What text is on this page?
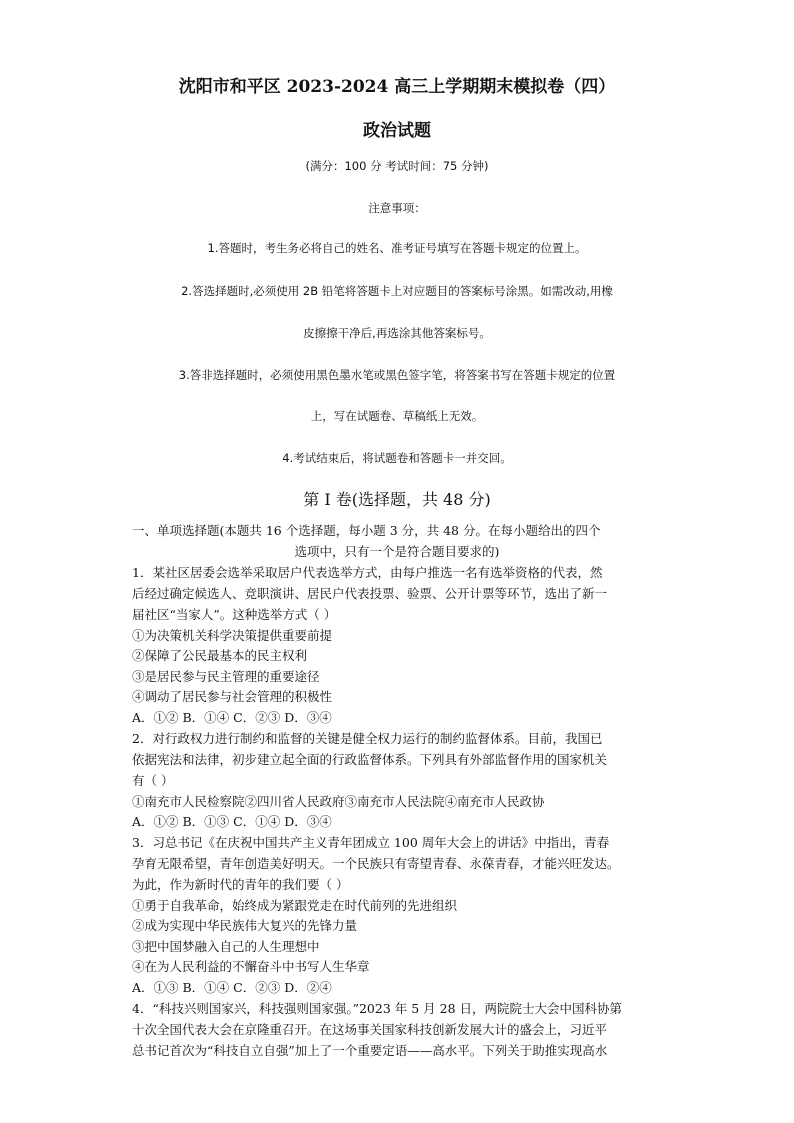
沈阳市和平区 2023-2024 高三上学期期末模拟卷（四）
政治试题
(满分：100 分 考试时间：75 分钟)
注意事项：
1.答题时，考生务必将自己的姓名、准考证号填写在答题卡规定的位置上。
2.答选择题时,必须使用 2B 铅笔将答题卡上对应题目的答案标号涂黑。如需改动,用橡
皮擦擦干净后,再选涂其他答案标号。
3.答非选择题时，必须使用黑色墨水笔或黑色签字笔，将答案书写在答题卡规定的位置
上，写在试题卷、草稿纸上无效。
4.考试结束后，将试题卷和答题卡一并交回。
第 Ⅰ 卷(选择题，共 48 分)
一、单项选择题(本题共 16 个选择题，每小题 3 分，共 48 分。在每小题给出的四个
选项中，只有一个是符合题目要求的)
1．某社区居委会选举采取居户代表选举方式，由每户推选一名有选举资格的代表，然
后经过确定候选人、竞职演讲、居民户代表投票、验票、公开计票等环节，选出了新一
届社区“当家人”。这种选举方式（ ）
①为决策机关科学决策提供重要前提
②保障了公民最基本的民主权利
③是居民参与民主管理的重要途径
④调动了居民参与社会管理的积极性
A．①② B．①④ C．②③ D．③④
2．对行政权力进行制约和监督的关键是健全权力运行的制约监督体系。目前，我国已
依据宪法和法律，初步建立起全面的行政监督体系。下列具有外部监督作用的国家机关
有（ ）
①南充市人民检察院②四川省人民政府③南充市人民法院④南充市人民政协
A．①② B．①③ C．①④ D．③④
3．习总书记《在庆祝中国共产主义青年团成立 100 周年大会上的讲话》中指出，青春
孕育无限希望，青年创造美好明天。一个民族只有寄望青春、永葆青春，才能兴旺发达。
为此，作为新时代的青年的我们要（ ）
①勇于自我革命，始终成为紧跟党走在时代前列的先进组织
②成为实现中华民族伟大复兴的先锋力量
③把中国梦融入自己的人生理想中
④在为人民利益的不懈奋斗中书写人生华章
A．①③ B．①④ C．②③ D．②④
4．“科技兴则国家兴，科技强则国家强。”2023 年 5 月 28 日，两院院士大会中国科协第
十次全国代表大会在京隆重召开。在这场事关国家科技创新发展大计的盛会上，习近平
总书记首次为“科技自立自强”加上了一个重要定语——高水平。下列关于助推实现高水
